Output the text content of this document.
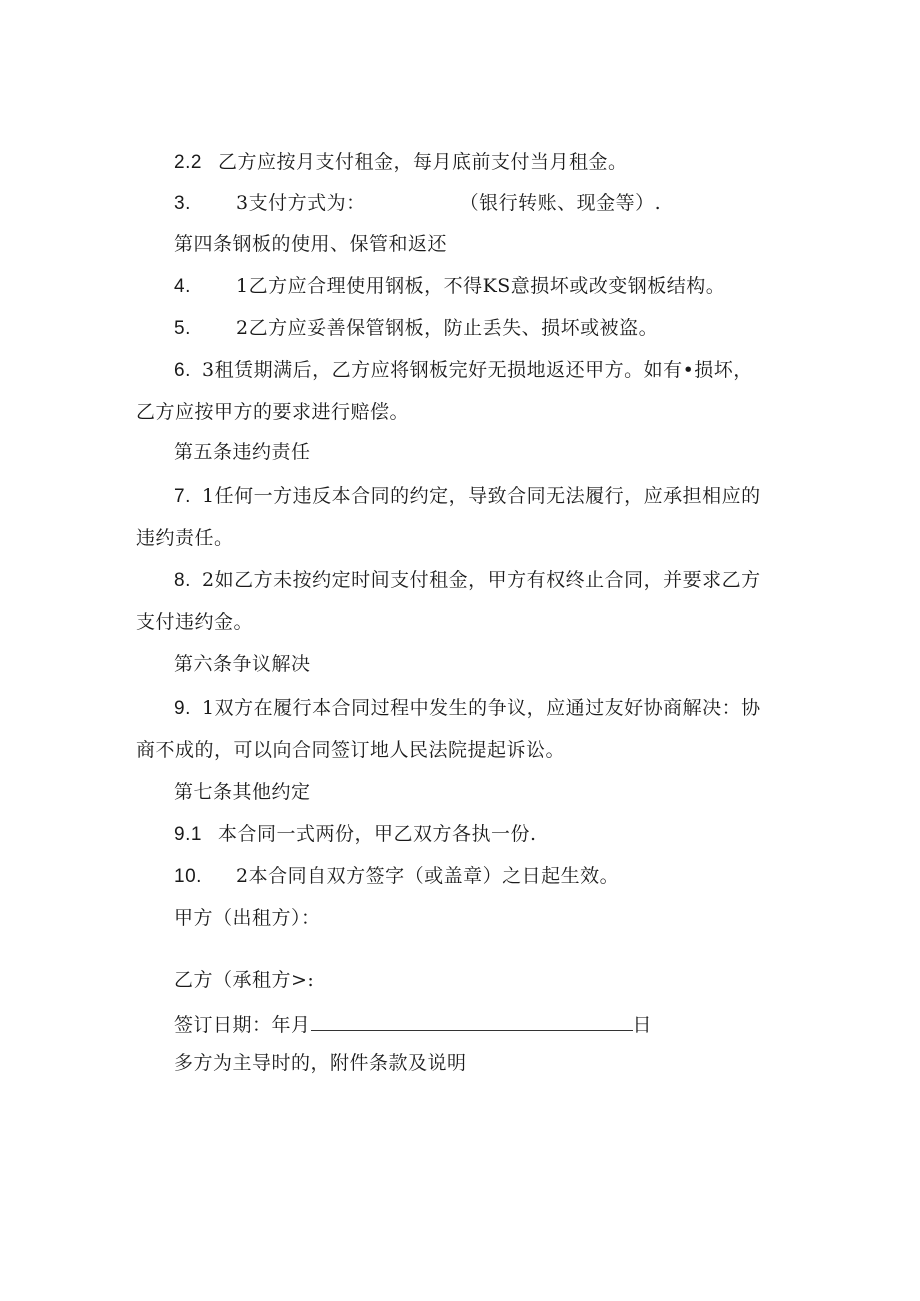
2.2 乙方应按月支付租金，每月底前支付当月租金。
3. 3支付方式为：	（银行转账、现金等）.
第四条钢板的使用、保管和返还
4. 1乙方应合理使用钢板，不得KS意损坏或改变钢板结构。
5. 2乙方应妥善保管钢板，防止丢失、损坏或被盗。
6. 3租赁期满后，乙方应将钢板完好无损地返还甲方。如有•损坏，
乙方应按甲方的要求进行赔偿。
第五条违约责任
7. 1任何一方违反本合同的约定，导致合同无法履行，应承担相应的
违约责任。
8. 2如乙方未按约定时间支付租金，甲方有权终止合同，并要求乙方
支付违约金。
第六条争议解决
9. 1双方在履行本合同过程中发生的争议，应通过友好协商解决：协
商不成的，可以向合同签订地人民法院提起诉讼。
第七条其他约定
9.1 本合同一式两份，甲乙双方各执一份.
10. 2本合同自双方签字（或盖章）之日起生效。
甲方（出租方）：
乙方（承租方>:
签订日期：年月	日
多方为主导时的，附件条款及说明
